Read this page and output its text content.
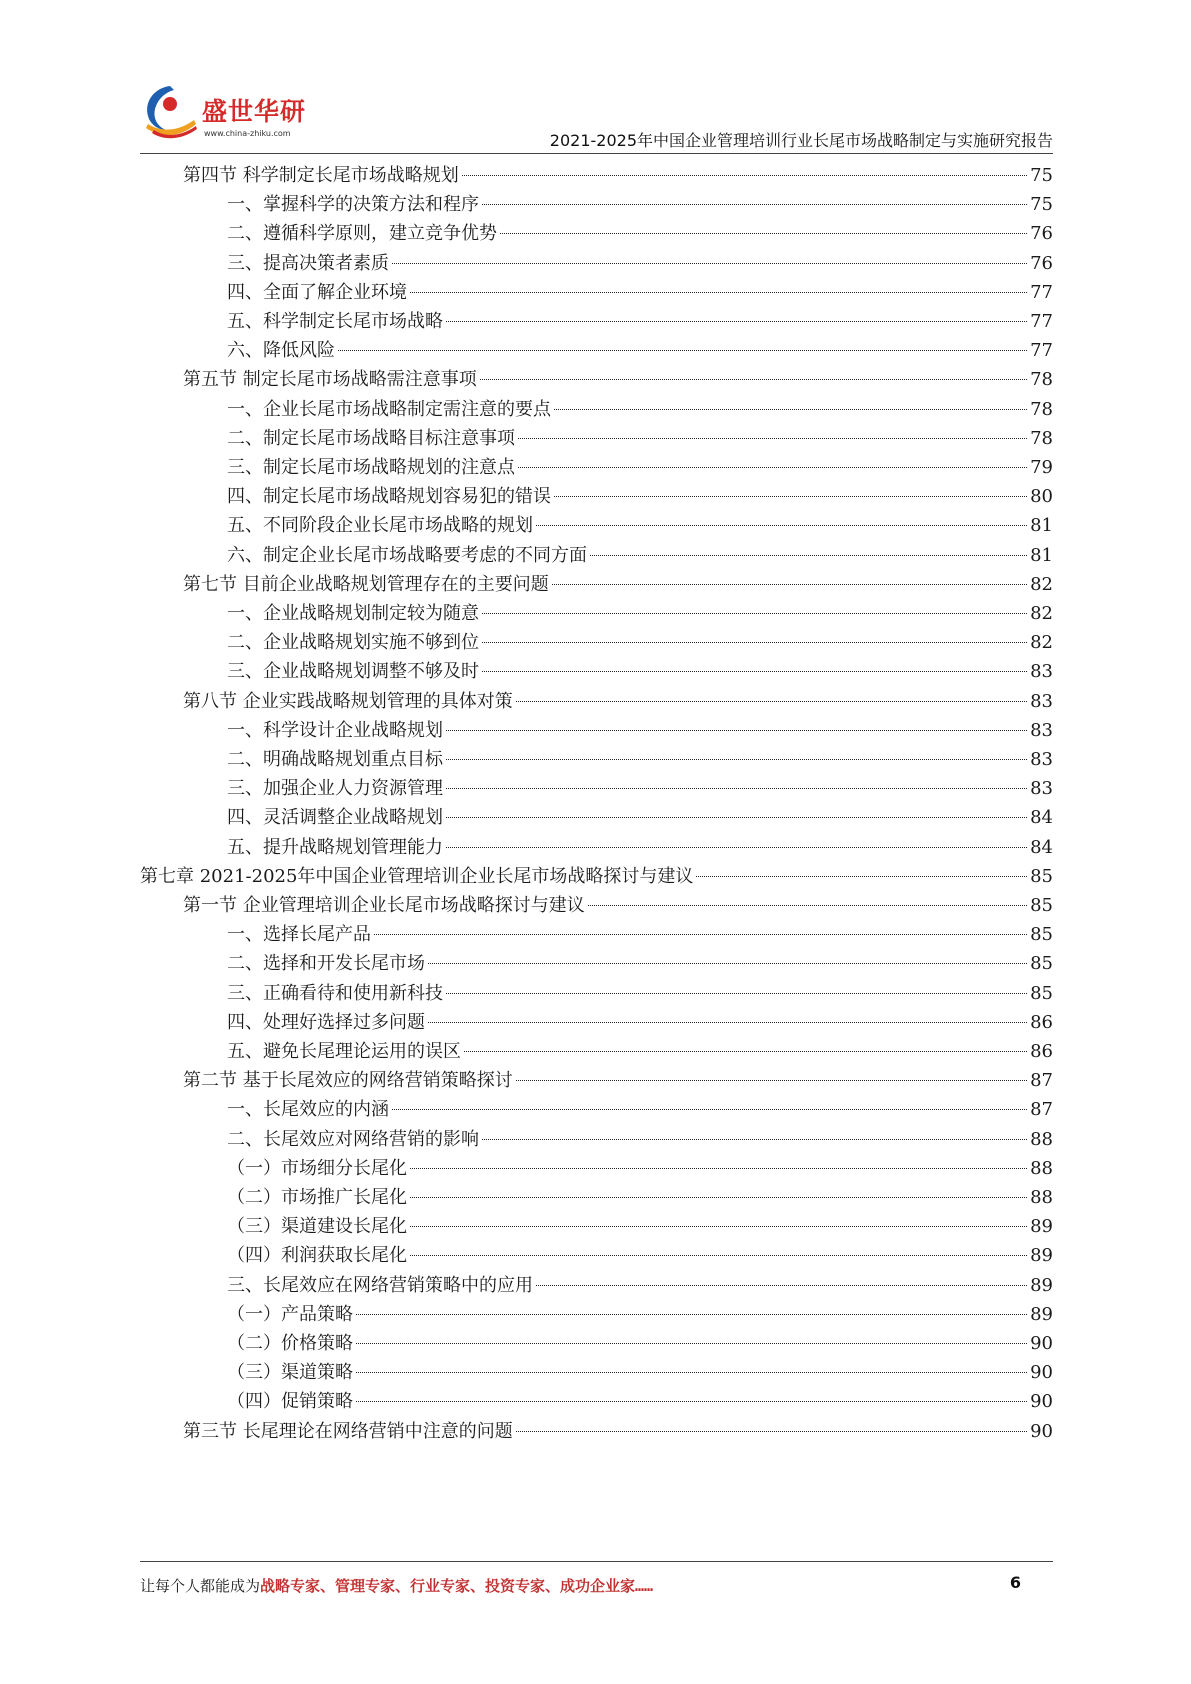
盛世华研
www.china-zhiku.com	2021-2025年中国企业管理培训行业长尾市场战略制定与实施研究报告
第四节 科学制定长尾市场战略规划	75
一、掌握科学的决策方法和程序	75
二、遵循科学原则，建立竞争优势	76
三、提高决策者素质	76
四、全面了解企业环境	77
五、科学制定长尾市场战略	77
六、降低风险	77
第五节 制定长尾市场战略需注意事项	78
一、企业长尾市场战略制定需注意的要点	78
二、制定长尾市场战略目标注意事项	78
三、制定长尾市场战略规划的注意点	79
四、制定长尾市场战略规划容易犯的错误	80
五、不同阶段企业长尾市场战略的规划	81
六、制定企业长尾市场战略要考虑的不同方面	81
第七节 目前企业战略规划管理存在的主要问题	82
一、企业战略规划制定较为随意	82
二、企业战略规划实施不够到位	82
三、企业战略规划调整不够及时	83
第八节 企业实践战略规划管理的具体对策	83
一、科学设计企业战略规划	83
二、明确战略规划重点目标	83
三、加强企业人力资源管理	83
四、灵活调整企业战略规划	84
五、提升战略规划管理能力	84
第七章 2021-2025年中国企业管理培训企业长尾市场战略探讨与建议	85
第一节 企业管理培训企业长尾市场战略探讨与建议	85
一、选择长尾产品	85
二、选择和开发长尾市场	85
三、正确看待和使用新科技	85
四、处理好选择过多问题	86
五、避免长尾理论运用的误区	86
第二节 基于长尾效应的网络营销策略探讨	87
一、长尾效应的内涵	87
二、长尾效应对网络营销的影响	88
（一）市场细分长尾化	88
（二）市场推广长尾化	88
（三）渠道建设长尾化	89
（四）利润获取长尾化	89
三、长尾效应在网络营销策略中的应用	89
（一）产品策略	89
（二）价格策略	90
（三）渠道策略	90
（四）促销策略	90
第三节 长尾理论在网络营销中注意的问题	90
让每个人都能成为战略专家、管理专家、行业专家、投资专家、成功企业家……	6
